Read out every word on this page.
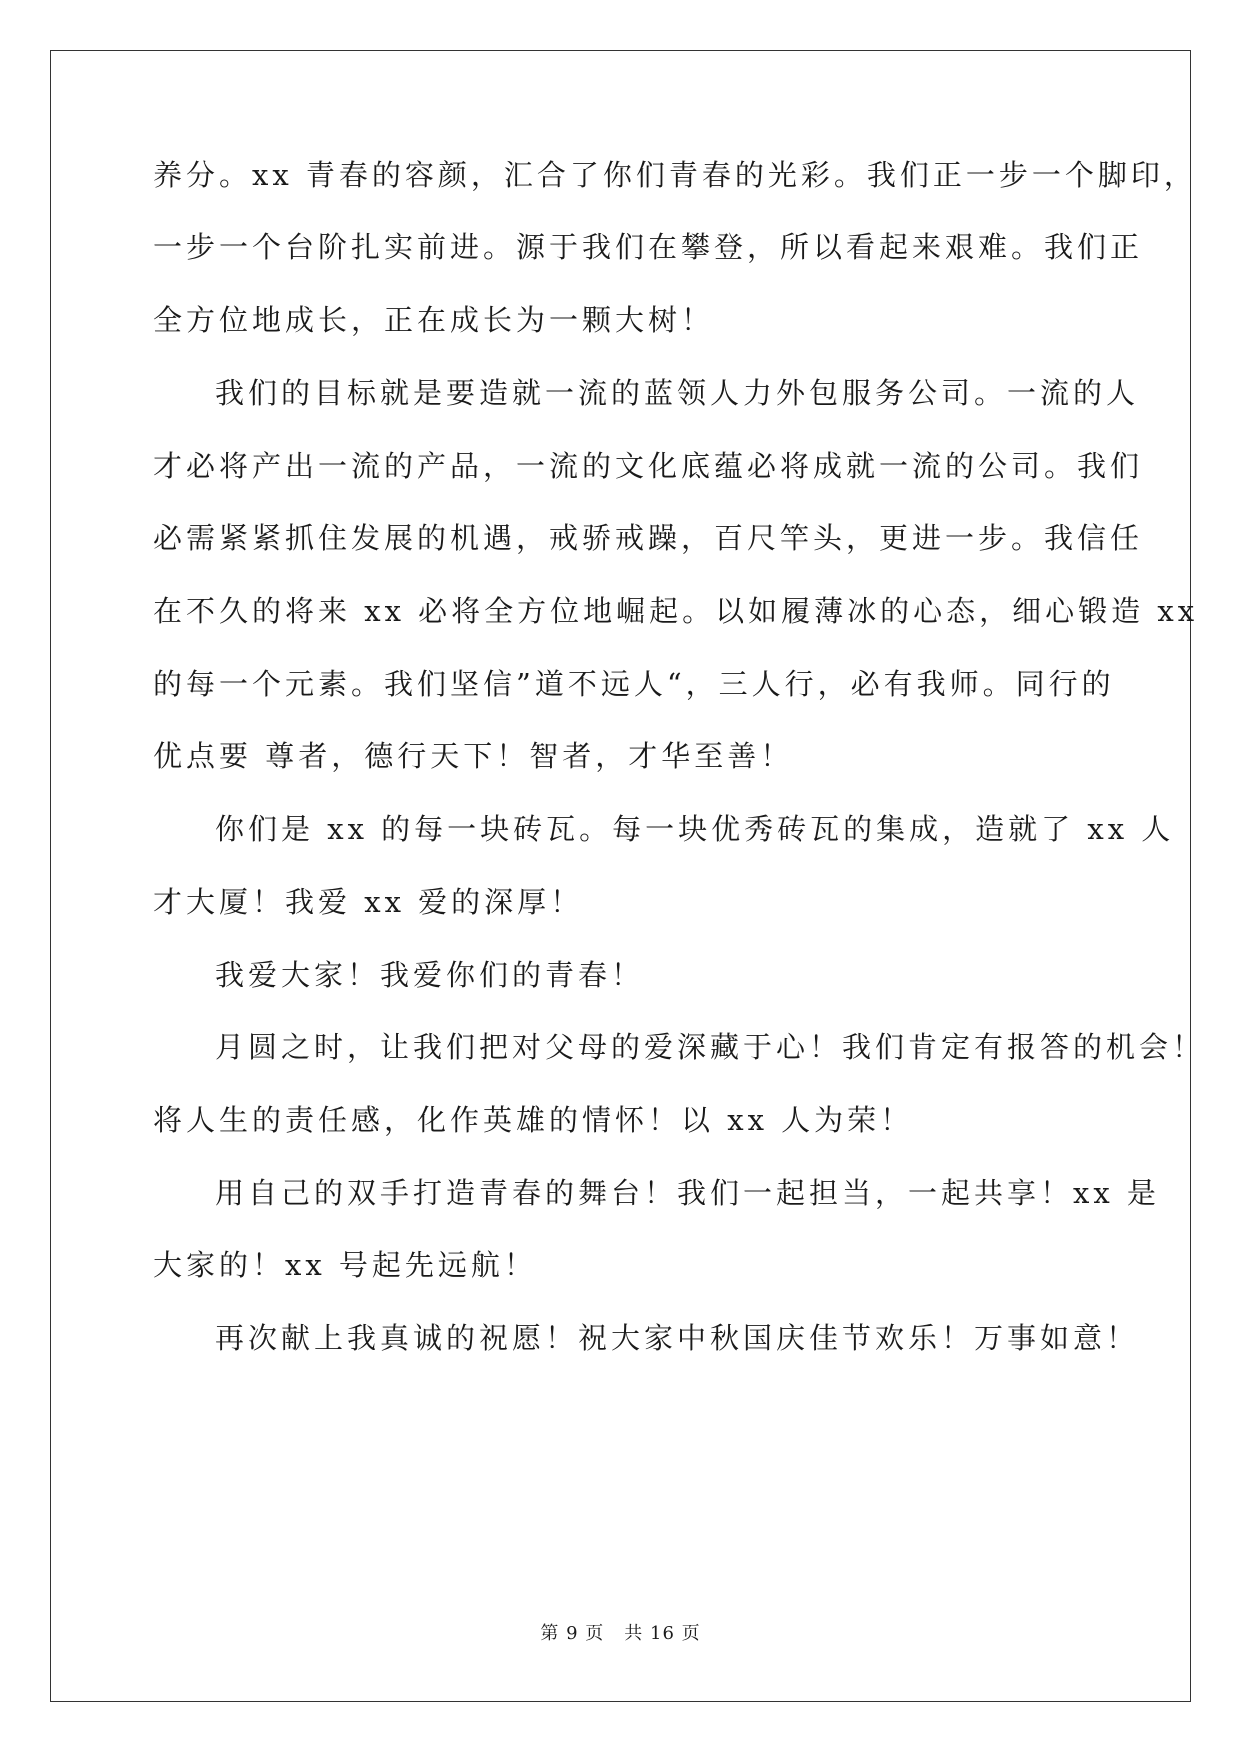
养分。xx 青春的容颜，汇合了你们青春的光彩。我们正一步一个脚印，
一步一个台阶扎实前进。源于我们在攀登，所以看起来艰难。我们正
全方位地成长，正在成长为一颗大树！
我们的目标就是要造就一流的蓝领人力外包服务公司。一流的人
才必将产出一流的产品，一流的文化底蕴必将成就一流的公司。我们
必需紧紧抓住发展的机遇，戒骄戒躁，百尺竿头，更进一步。我信任
在不久的将来 xx 必将全方位地崛起。以如履薄冰的心态，细心锻造 xx
的每一个元素。我们坚信”道不远人“，三人行，必有我师。同行的
优点要 尊者，德行天下！智者，才华至善！
你们是 xx 的每一块砖瓦。每一块优秀砖瓦的集成，造就了 xx 人
才大厦！我爱 xx 爱的深厚！
我爱大家！我爱你们的青春！
月圆之时，让我们把对父母的爱深藏于心！我们肯定有报答的机会！
将人生的责任感，化作英雄的情怀！以 xx 人为荣！
用自己的双手打造青春的舞台！我们一起担当，一起共享！xx 是
大家的！xx 号起先远航！
再次献上我真诚的祝愿！祝大家中秋国庆佳节欢乐！万事如意！
第 9 页 共 16 页
